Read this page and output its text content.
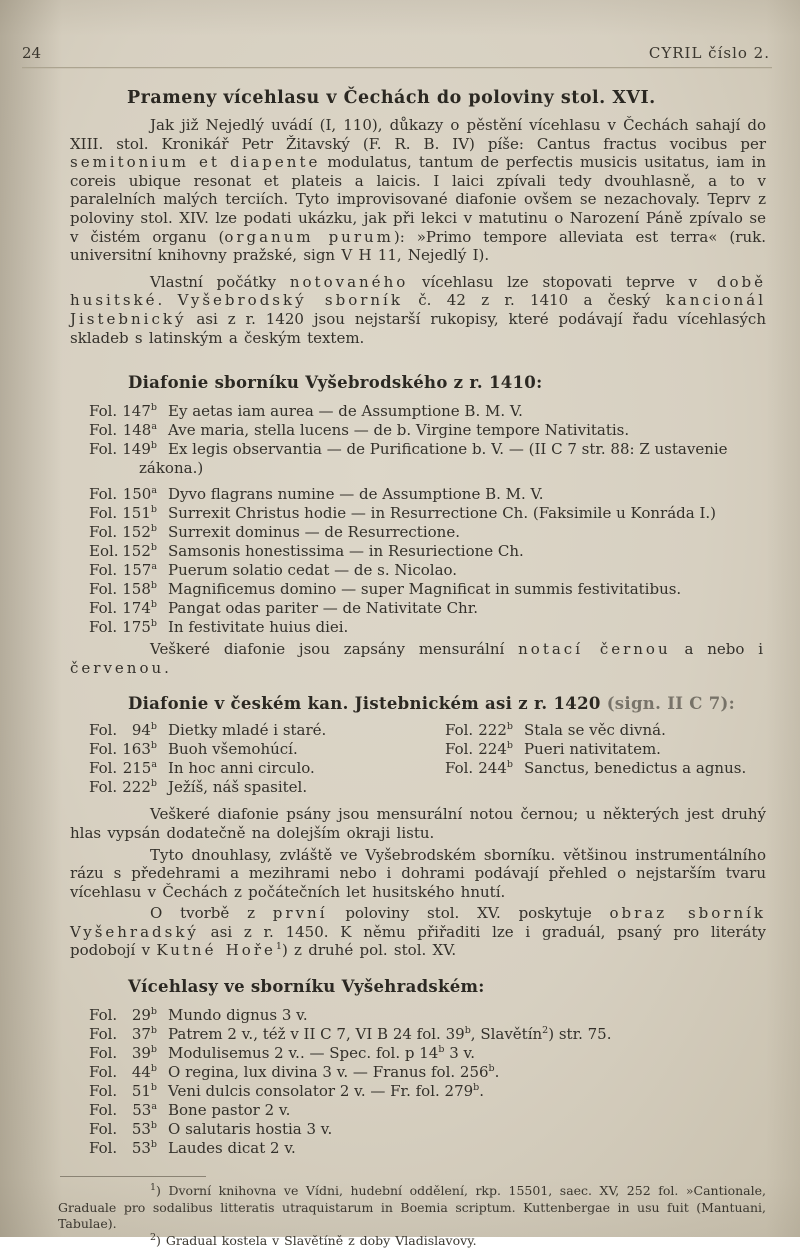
24	CYRIL číslo 2.
Prameny vícehlasu v Čechách do poloviny stol. XVI.

Jak již Nejedlý uvádí (I, 110), důkazy o pěstění vícehlasu v Čechách sahají do XIII. stol. Kronikář Petr Žitavský (F. R. B. IV) píše: Cantus fractus vocibus per semitonium et diapente modulatus, tantum de perfectis musicis usitatus, iam in coreis ubique resonat et plateis a laicis. I laici zpívali tedy dvouhlasně, a to v paralelních malých terciích. Tyto improvisované diafonie ovšem se nezachovaly. Teprv z poloviny stol. XIV. lze podati ukázku, jak při lekci v matutinu o Narození Páně zpívalo se v čistém organu (organum purum): »Primo tempore alleviata est terra« (ruk. universitní knihovny pražské, sign V H 11, Nejedlý I).

Vlastní počátky notovaného vícehlasu lze stopovati teprve v době husitské. Vyšebrodský sborník č. 42 z r. 1410 a český kancionál Jistebnický asi z r. 1420 jsou nejstarší rukopisy, které podávají řadu vícehlasých skladeb s latinským a českým textem.

Diafonie sborníku Vyšebrodského z r. 1410:
Fol. 147$^b$ Ey aetas iam aurea — de Assumptione B. M. V.
Fol. 148$^a$ Ave maria, stella lucens — de b. Virgine tempore Nativitatis.
Fol. 149$^b$ Ex legis observantia — de Purificatione b. V. — (II C 7 str. 88: Z ustavenie zákona.)
Fol. 150$^a$ Dyvo flagrans numine — de Assumptione B. M. V.
Fol. 151$^b$ Surrexit Christus hodie — in Resurrectione Ch. (Faksimile u Konráda I.)
Fol. 152$^b$ Surrexit dominus — de Resurrectione.
Eol. 152$^b$ Samsonis honestissima — in Resuriectione Ch.
Fol. 157$^a$ Puerum solatio cedat — de s. Nicolao.
Fol. 158$^b$ Magnificemus domino — super Magnificat in summis festivitatibus.
Fol. 174$^b$ Pangat odas pariter — de Nativitate Chr.
Fol. 175$^b$ In festivitate huius diei.

Veškeré diafonie jsou zapsány mensurální notací černou a nebo i červenou.

Diafonie v českém kan. Jistebnickém asi z r. 1420 (sign. II C 7):
Fol. 94$^b$ Dietky mladé i staré.
Fol. 163$^b$ Buoh všemohúcí.
Fol. 215$^a$ In hoc anni circulo.
Fol. 222$^b$ Ježíš, náš spasitel.
Fol. 222$^b$ Stala se věc divná.
Fol. 224$^b$ Pueri nativitatem.
Fol. 244$^b$ Sanctus, benedictus a agnus.

Veškeré diafonie psány jsou mensurální notou černou; u některých jest druhý hlas vypsán dodatečně na dolejším okraji listu.

Tyto dnouhlasy, zvláště ve Vyšebrodském sborníku. většinou instrumentálního rázu s předehrami a mezihrami nebo i dohrami podávají přehled o nejstarším tvaru vícehlasu v Čechách z počátečních let husitského hnutí.

O tvorbě z první poloviny stol. XV. poskytuje obraz sborník Vyšehradský asi z r. 1450. K němu přiřaditi lze i graduál, psaný pro literáty podobojí v Kutné Hoře$^1$) z druhé pol. stol. XV.

Vícehlasy ve sborníku Vyšehradském:
Fol. 29$^b$ Mundo dignus 3 v.
Fol. 37$^b$ Patrem 2 v., též v II C 7, VI B 24 fol. 39$^b$, Slavětín$^2$) str. 75.
Fol. 39$^b$ Modulisemus 2 v.. — Spec. fol. p 14$^b$ 3 v.
Fol. 44$^b$ O regina, lux divina 3 v. — Franus fol. 256$^b$.
Fol. 51$^b$ Veni dulcis consolator 2 v. — Fr. fol. 279$^b$.
Fol. 53$^a$ Bone pastor 2 v.
Fol. 53$^b$ O salutaris hostia 3 v.
Fol. 53$^b$ Laudes dicat 2 v.

$^1$) Dvorní knihovna ve Vídni, hudební oddělení, rkp. 15501, saec. XV, 252 fol. »Cantionale, Graduale pro sodalibus litteratis utraquistarum in Boemia scriptum. Kuttenbergae in usu fuit (Mantuani, Tabulae).

$^2$) Gradual kostela v Slavětíně z doby Vladislavovy.
